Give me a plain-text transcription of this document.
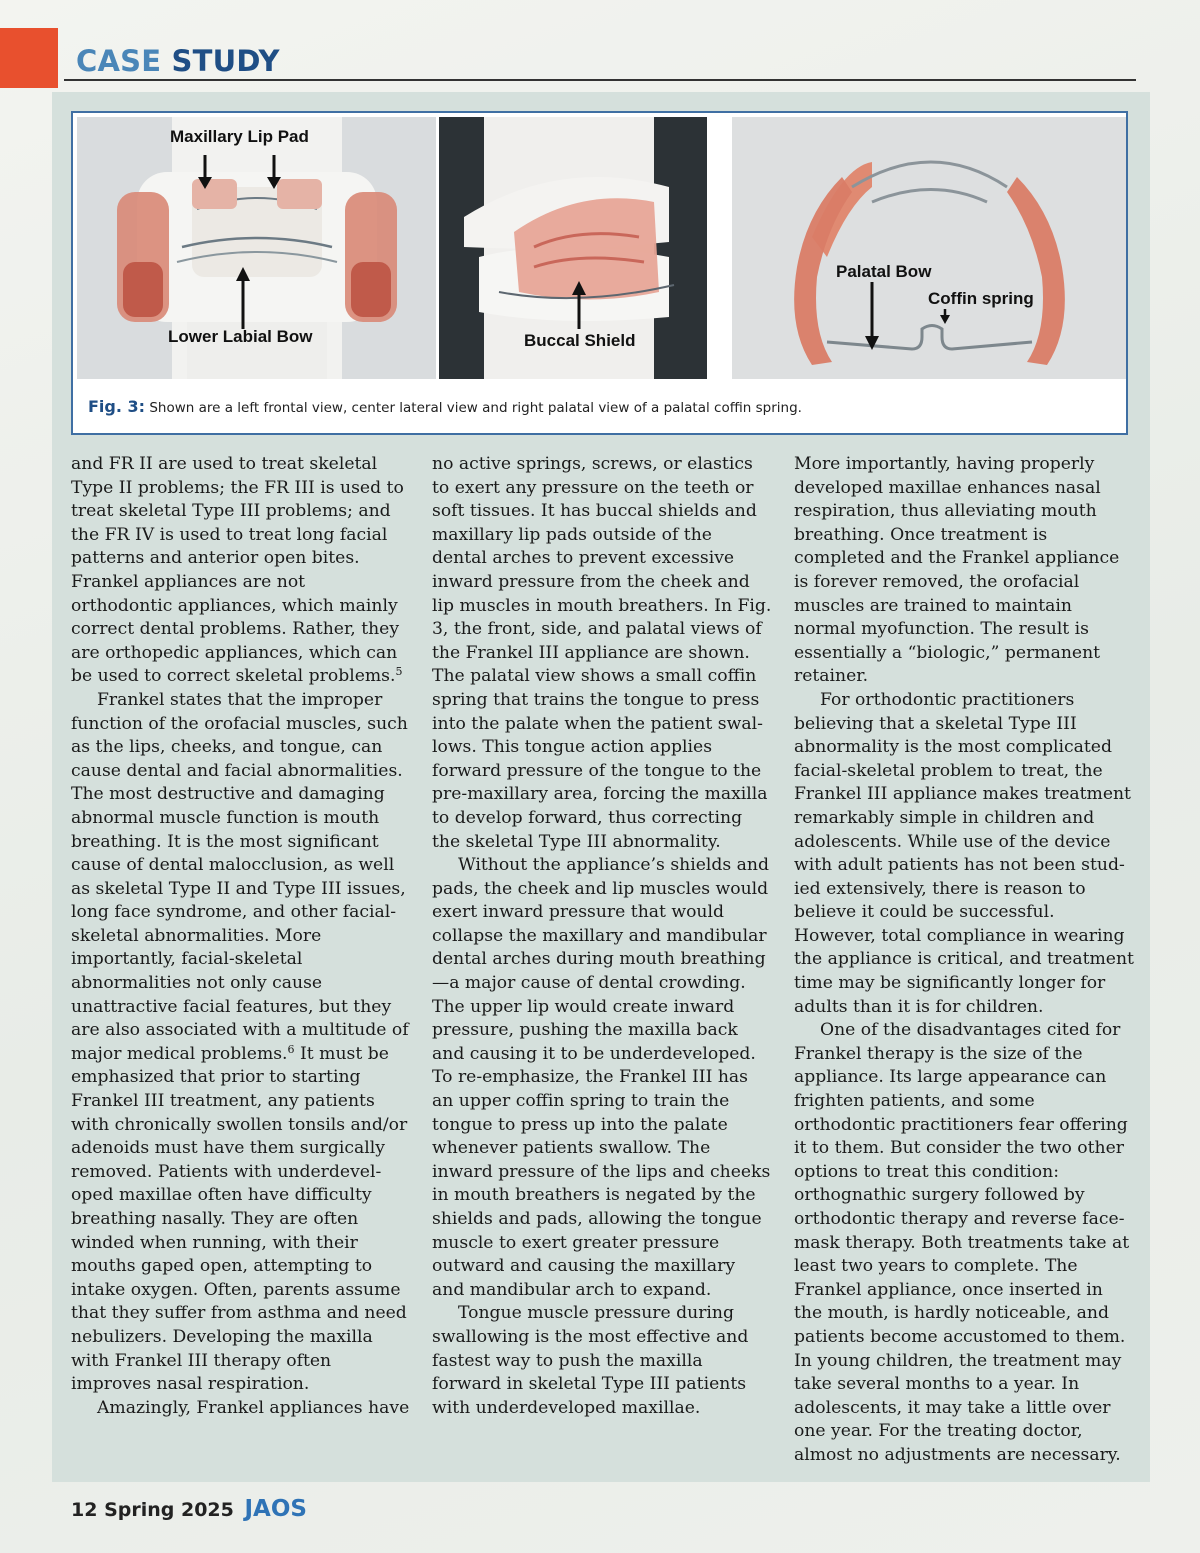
CASE STUDY
Maxillary Lip Pad
Lower Labial Bow	Buccal Shield
Palatal Bow
Coffin spring
Fig. 3: Shown are a left frontal view, center lateral view and right palatal view of a palatal coffin spring.

and FR II are used to treat skeletal Type II problems; the FR III is used to treat skeletal Type III problems; and the FR IV is used to treat long facial patterns and anterior open bites. Frankel appliances are not orthodontic appliances, which mainly correct dental problems. Rather, they are orthopedic appliances, which can be used to correct skeletal problems.$^5$

Frankel states that the improper function of the orofacial muscles, such as the lips, cheeks, and tongue, can cause dental and facial abnormalities. The most destructive and damaging abnormal muscle function is mouth breathing. It is the most significant cause of dental malocclusion, as well as skeletal Type II and Type III issues, long face syndrome, and other facial-skeletal abnormalities. More importantly, facial-skeletal abnormalities not only cause unattractive facial features, but they are also associated with a multitude of major medical problems.$^6$ It must be emphasized that prior to starting Frankel III treatment, any patients with chronically swollen tonsils and/or adenoids must have them surgically removed. Patients with underdeveloped maxillae often have difficulty breathing nasally. They are often winded when running, with their mouths gaped open, attempting to intake oxygen. Often, parents assume that they suffer from asthma and need nebulizers. Developing the maxilla with Frankel III therapy often improves nasal respiration.

Amazingly, Frankel appliances have

no active springs, screws, or elastics to exert any pressure on the teeth or soft tissues. It has buccal shields and maxillary lip pads outside of the dental arches to prevent excessive inward pressure from the cheek and lip muscles in mouth breathers. In Fig. 3, the front, side, and palatal views of the Frankel III appliance are shown. The palatal view shows a small coffin spring that trains the tongue to press into the palate when the patient swallows. This tongue action applies forward pressure of the tongue to the pre-maxillary area, forcing the maxilla to develop forward, thus correcting the skeletal Type III abnormality.

Without the appliance’s shields and pads, the cheek and lip muscles would exert inward pressure that would collapse the maxillary and mandibular dental arches during mouth breathing—a major cause of dental crowding. The upper lip would create inward pressure, pushing the maxilla back and causing it to be underdeveloped. To re-emphasize, the Frankel III has an upper coffin spring to train the tongue to press up into the palate whenever patients swallow. The inward pressure of the lips and cheeks in mouth breathers is negated by the shields and pads, allowing the tongue muscle to exert greater pressure outward and causing the maxillary and mandibular arch to expand.

Tongue muscle pressure during swallowing is the most effective and fastest way to push the maxilla forward in skeletal Type III patients with underdeveloped maxillae.

More importantly, having properly developed maxillae enhances nasal respiration, thus alleviating mouth breathing. Once treatment is completed and the Frankel appliance is forever removed, the orofacial muscles are trained to maintain normal myofunction. The result is essentially a “biologic,” permanent retainer.

For orthodontic practitioners believing that a skeletal Type III abnormality is the most complicated facial-skeletal problem to treat, the Frankel III appliance makes treatment remarkably simple in children and adolescents. While use of the device with adult patients has not been studied extensively, there is reason to believe it could be successful. However, total compliance in wearing the appliance is critical, and treatment time may be significantly longer for adults than it is for children.

One of the disadvantages cited for Frankel therapy is the size of the appliance. Its large appearance can frighten patients, and some orthodontic practitioners fear offering it to them. But consider the two other options to treat this condition: orthognathic surgery followed by orthodontic therapy and reverse facemask therapy. Both treatments take at least two years to complete. The Frankel appliance, once inserted in the mouth, is hardly noticeable, and patients become accustomed to them. In young children, the treatment may take several months to a year. In adolescents, it may take a little over one year. For the treating doctor, almost no adjustments are necessary.

12 Spring 2025 JAOS
